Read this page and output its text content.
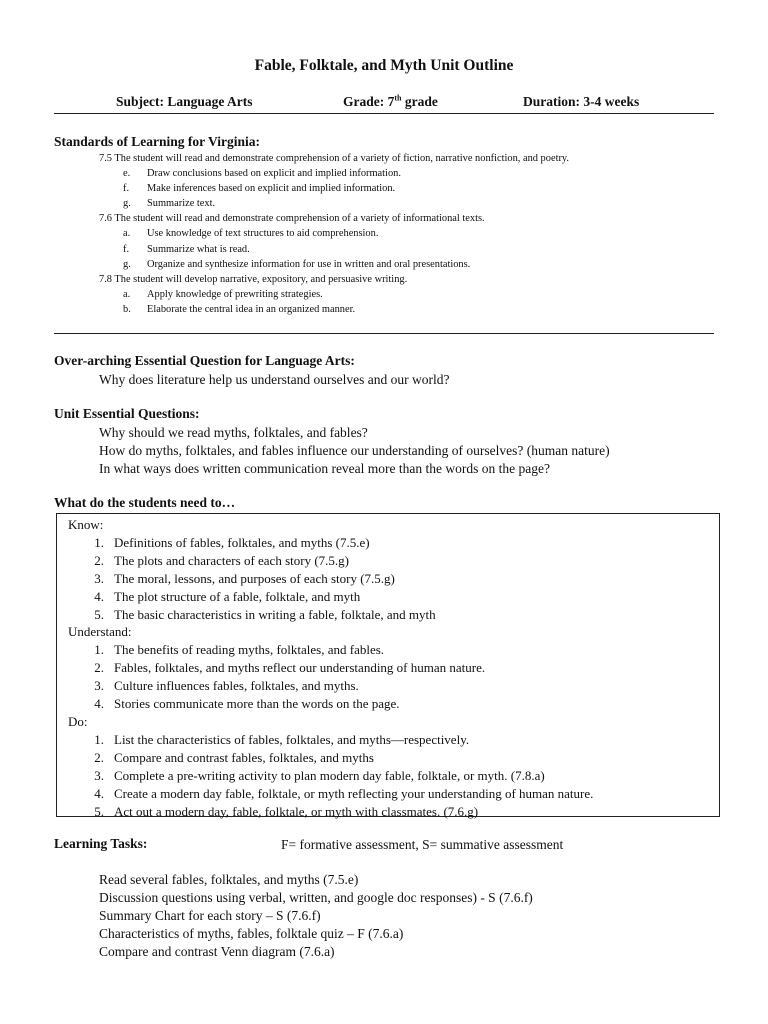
Fable, Folktale, and Myth Unit Outline
Subject: Language Arts	Grade: 7th grade	Duration: 3-4 weeks
Standards of Learning for Virginia:
7.5 The student will read and demonstrate comprehension of a variety of fiction, narrative nonfiction, and poetry.
e.	Draw conclusions based on explicit and implied information.
f.	Make inferences based on explicit and implied information.
g.	Summarize text.
7.6 The student will read and demonstrate comprehension of a variety of informational texts.
a.	Use knowledge of text structures to aid comprehension.
f.	Summarize what is read.
g.	Organize and synthesize information for use in written and oral presentations.
7.8 The student will develop narrative, expository, and persuasive writing.
a.	Apply knowledge of prewriting strategies.
b.	Elaborate the central idea in an organized manner.
Over-arching Essential Question for Language Arts:
Why does literature help us understand ourselves and our world?
Unit Essential Questions:
Why should we read myths, folktales, and fables?
How do myths, folktales, and fables influence our understanding of ourselves? (human nature)
In what ways does written communication reveal more than the words on the page?
What do the students need to…
Know:
1. Definitions of fables, folktales, and myths (7.5.e)
2. The plots and characters of each story (7.5.g)
3. The moral, lessons, and purposes of each story (7.5.g)
4. The plot structure of a fable, folktale, and myth
5. The basic characteristics in writing a fable, folktale, and myth
Understand:
1. The benefits of reading myths, folktales, and fables.
2. Fables, folktales, and myths reflect our understanding of human nature.
3. Culture influences fables, folktales, and myths.
4. Stories communicate more than the words on the page.
Do:
1. List the characteristics of fables, folktales, and myths—respectively.
2. Compare and contrast fables, folktales, and myths
3. Complete a pre-writing activity to plan modern day fable, folktale, or myth. (7.8.a)
4. Create a modern day fable, folktale, or myth reflecting your understanding of human nature.
5. Act out a modern day, fable, folktale, or myth with classmates. (7.6.g)
Learning Tasks:	F= formative assessment, S= summative assessment
Read several fables, folktales, and myths (7.5.e)
Discussion questions using verbal, written, and google doc responses) - S (7.6.f)
Summary Chart for each story – S (7.6.f)
Characteristics of myths, fables, folktale quiz – F (7.6.a)
Compare and contrast Venn diagram (7.6.a)
